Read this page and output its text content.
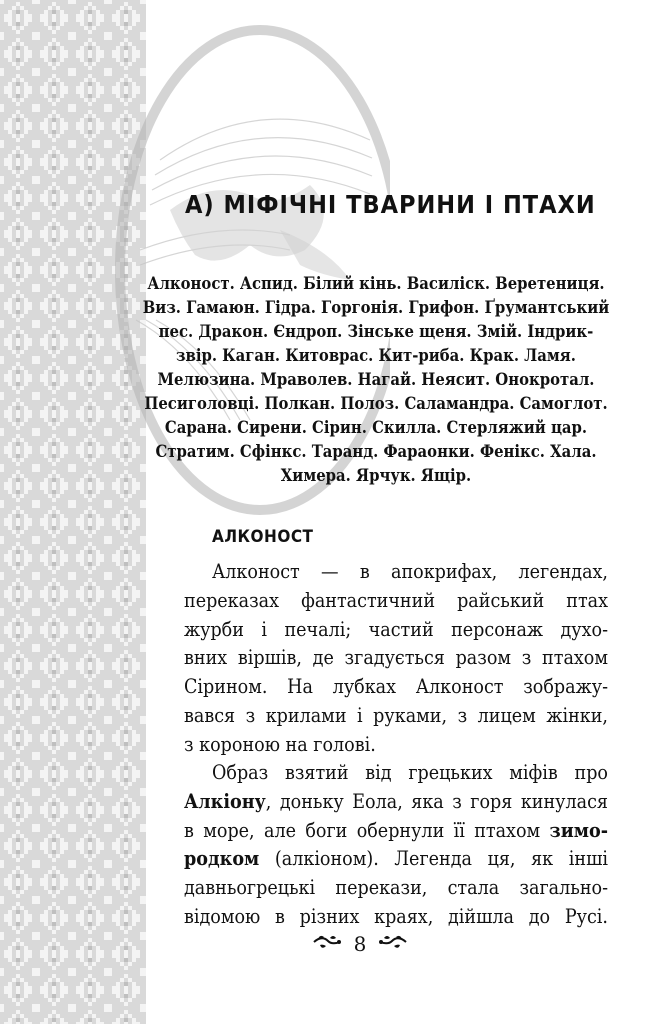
А) МІФІЧНІ ТВАРИНИ І ПТАХИ
Алконост. Аспид. Білий кінь. Василіск. Веретениця.
Виз. Гамаюн. Гідра. Горгонія. Грифон. Ґрумантський
пес. Дракон. Єндроп. Зінське щеня. Змій. Індрик-
звір. Каган. Китоврас. Кит-риба. Крак. Ламя.
Мелюзина. Мраволев. Нагай. Неясит. Онокротал.
Песиголовці. Полкан. Полоз. Саламандра. Самоглот.
Сарана. Сирени. Сірин. Скилла. Стерляжий цар.
Стратим. Сфінкс. Таранд. Фараонки. Фенікс. Хала.
Химера. Ярчук. Ящір.
АЛКОНОСТ
Алконост — в апокрифах, легендах,
переказах фантастичний райський птах
журби і печалі; частий персонаж духо-
вних віршів, де згадується разом з птахом
Сірином. На лубках Алконост зображу-
вався з крилами і руками, з лицем жінки,
з короною на голові.
Образ взятий від грецьких міфів про
Алкіону, доньку Еола, яка з горя кинулася
в море, але боги обернули її птахом зимо-
родком (алкіоном). Легенда ця, як інші
давньогрецькі перекази, стала загально-
відомою в різних краях, дійшла до Русі.
8
